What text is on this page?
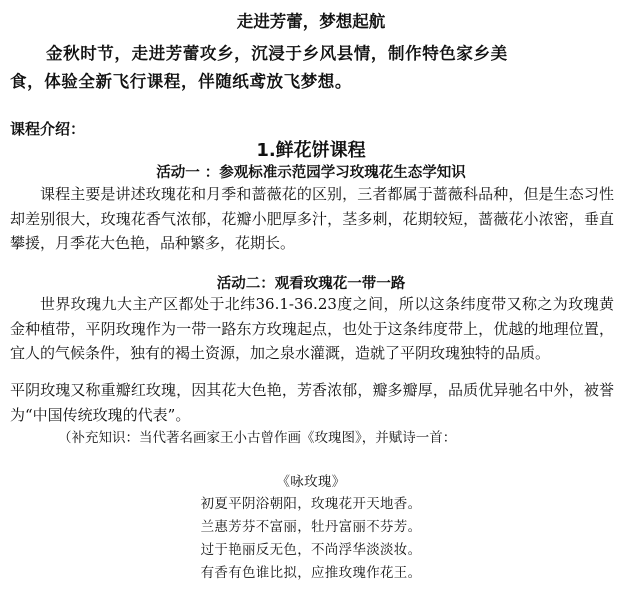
走进芳蕾，梦想起航
金秋时节，走进芳蕾攻乡，沉浸于乡风县情，制作特色家乡美
食，体验全新飞行课程，伴随纸鸢放飞梦想。
课程介绍：
1.鲜花饼课程
活动一 ：参观标准示范园学习玫瑰花生态学知识
课程主要是讲述玫瑰花和月季和蔷薇花的区别，三者都属于蔷薇科品种，但是生态习性却差别很大，玫瑰花香气浓郁，花瓣小肥厚多汁，茎多刺，花期较短，蔷薇花小浓密，垂直攀援，月季花大色艳，品种繁多，花期长。
活动二：观看玫瑰花一带一路
世界玫瑰九大主产区都处于北纬36.1-36.23度之间，所以这条纬度带又称之为玫瑰黄金种植带，平阴玫瑰作为一带一路东方玫瑰起点，也处于这条纬度带上，优越的地理位置，宜人的气候条件，独有的褐土资源，加之泉水灌溉，造就了平阴玫瑰独特的品质。
平阴玫瑰又称重瓣红玫瑰，因其花大色艳，芳香浓郁，瓣多瓣厚，品质优异驰名中外，被誉为“中国传统玫瑰的代表”。
（补充知识：当代著名画家王小古曾作画《玫瑰图》，并赋诗一首：
《咏玫瑰》
初夏平阴浴朝阳，玫瑰花开天地香。
兰惠芳芬不富丽，牡丹富丽不芬芳。
过于艳丽反无色，不尚浮华淡淡妆。
有香有色谁比拟，应推玫瑰作花王。
